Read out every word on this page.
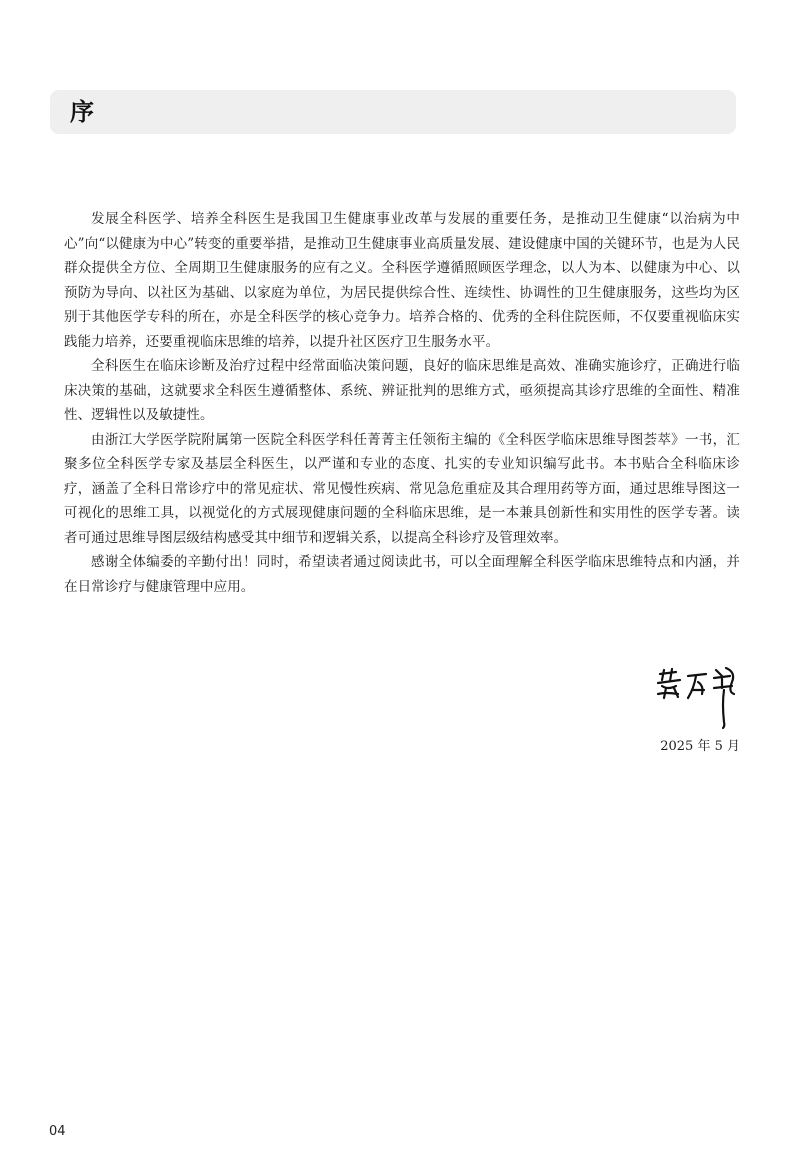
序

发展全科医学、培养全科医生是我国卫生健康事业改革与发展的重要任务，是推动卫生健康“以治病为中心”向“以健康为中心”转变的重要举措，是推动卫生健康事业高质量发展、建设健康中国的关键环节，也是为人民群众提供全方位、全周期卫生健康服务的应有之义。全科医学遵循照顾医学理念，以人为本、以健康为中心、以预防为导向、以社区为基础、以家庭为单位，为居民提供综合性、连续性、协调性的卫生健康服务，这些均为区别于其他医学专科的所在，亦是全科医学的核心竞争力。培养合格的、优秀的全科住院医师，不仅要重视临床实践能力培养，还要重视临床思维的培养，以提升社区医疗卫生服务水平。

全科医生在临床诊断及治疗过程中经常面临决策问题，良好的临床思维是高效、准确实施诊疗，正确进行临床决策的基础，这就要求全科医生遵循整体、系统、辨证批判的思维方式，亟须提高其诊疗思维的全面性、精准性、逻辑性以及敏捷性。

由浙江大学医学院附属第一医院全科医学科任菁菁主任领衔主编的《全科医学临床思维导图荟萃》一书，汇聚多位全科医学专家及基层全科医生，以严谨和专业的态度、扎实的专业知识编写此书。本书贴合全科临床诊疗，涵盖了全科日常诊疗中的常见症状、常见慢性疾病、常见急危重症及其合理用药等方面，通过思维导图这一可视化的思维工具，以视觉化的方式展现健康问题的全科临床思维，是一本兼具创新性和实用性的医学专著。读者可通过思维导图层级结构感受其中细节和逻辑关系，以提高全科诊疗及管理效率。

感谢全体编委的辛勤付出！同时，希望读者通过阅读此书，可以全面理解全科医学临床思维特点和内涵，并在日常诊疗与健康管理中应用。

2025 年 5 月
04
